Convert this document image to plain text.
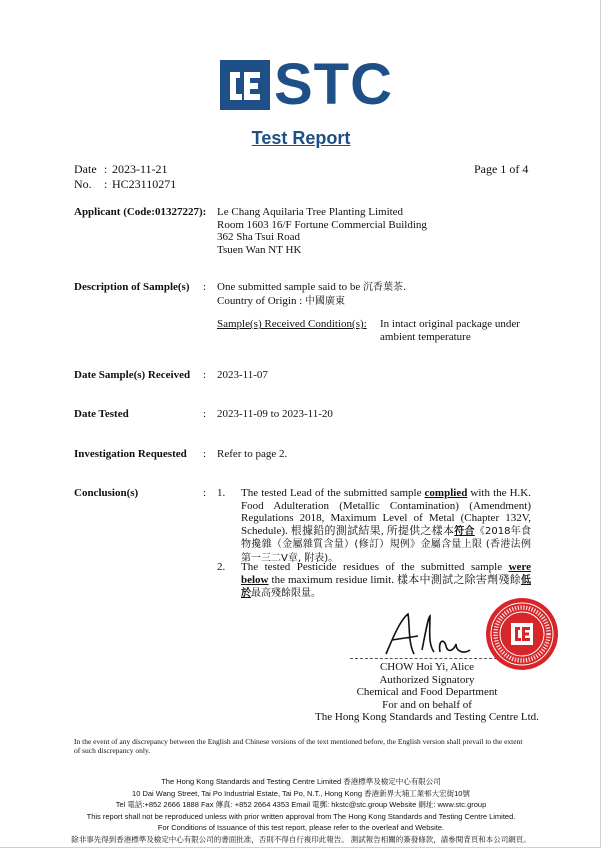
STC
Test Report
Date : 2023-11-21
No. : HC23110271
Page 1 of 4
Applicant (Code:01327227): Le Chang Aquilaria Tree Planting Limited
Room 1603 16/F Fortune Commercial Building
362 Sha Tsui Road
Tsuen Wan NT HK
Description of Sample(s) : One submitted sample said to be 沉香葉茶.
Country of Origin : 中國廣東
Sample(s) Received Condition(s): In intact original package under
ambient temperature
Date Sample(s) Received : 2023-11-07
Date Tested	: 2023-11-09 to 2023-11-20
Investigation Requested : Refer to page 2.
Conclusion(s)	: 1. The tested Lead of the submitted sample complied with the H.K. Food Adulteration (Metallic Contamination) (Amendment) Regulations 2018, Maximum Level of Metal (Chapter 132V, Schedule). 根據鉛的測試結果, 所提供之樣本符合《2018年食物攙雜（金屬雜質含量）(修訂）規例》金屬含量上限 (香港法例第一三二V章, 附表)。
2. The tested Pesticide residues of the submitted sample were below the maximum residue limit. 樣本中測試之除害劑殘餘低於最高殘餘限量。
CHOW Hoi Yi, Alice
Authorized Signatory
Chemical and Food Department
For and on behalf of
The Hong Kong Standards and Testing Centre Ltd.
In the event of any discrepancy between the English and Chinese versions of the text mentioned before, the English version shall prevail to the extent of such discrepancy only.
The Hong Kong Standards and Testing Centre Limited 香港標準及檢定中心有限公司
10 Dai Wang Street, Tai Po Industrial Estate, Tai Po, N.T., Hong Kong 香港新界大埔工業邨大宏街10號
Tel 電話:+852 2666 1888 Fax 傳真: +852 2664 4353 Email 電郵: hkstc@stc.group Website 網址: www.stc.group
This report shall not be reproduced unless with prior written approval from The Hong Kong Standards and Testing Centre Limited.
For Conditions of Issuance of this test report, please refer to the overleaf and Website.
除非事先得到香港標準及檢定中心有限公司的書面批准，否則不得自行複印此報告。 測試報告相關的簽發條款，請參閱背頁和本公司網頁。
